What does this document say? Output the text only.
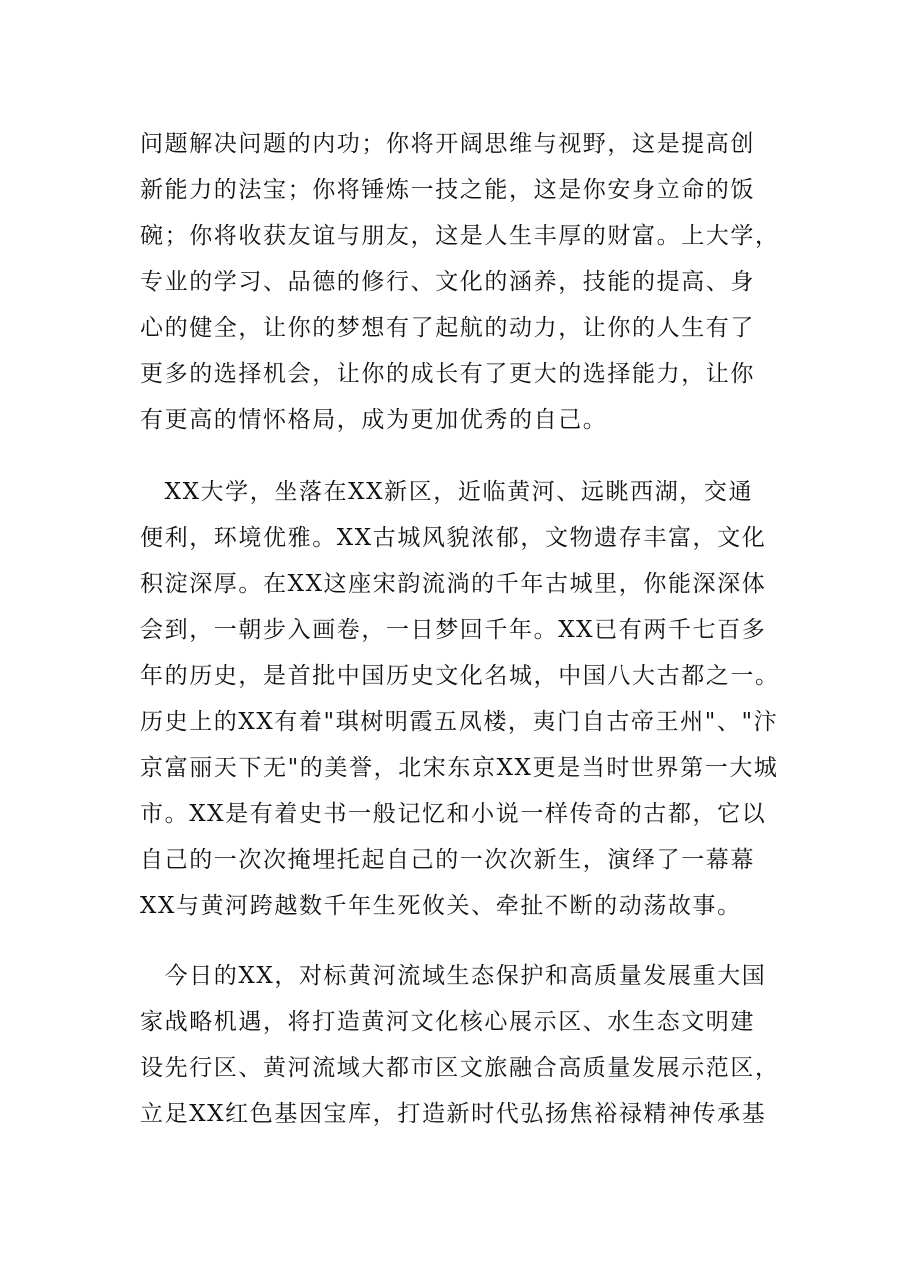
问题解决问题的内功；你将开阔思维与视野，这是提高创
新能力的法宝；你将锤炼一技之能，这是你安身立命的饭
碗；你将收获友谊与朋友，这是人生丰厚的财富。上大学，
专业的学习、品德的修行、文化的涵养，技能的提高、身
心的健全，让你的梦想有了起航的动力，让你的人生有了
更多的选择机会，让你的成长有了更大的选择能力，让你
有更高的情怀格局，成为更加优秀的自己。
　XX大学，坐落在XX新区，近临黄河、远眺西湖，交通
便利，环境优雅。XX古城风貌浓郁，文物遗存丰富，文化
积淀深厚。在XX这座宋韵流淌的千年古城里，你能深深体
会到，一朝步入画卷，一日梦回千年。XX已有两千七百多
年的历史，是首批中国历史文化名城，中国八大古都之一。
历史上的XX有着"琪树明霞五凤楼，夷门自古帝王州"、"汴
京富丽天下无"的美誉，北宋东京XX更是当时世界第一大城
市。XX是有着史书一般记忆和小说一样传奇的古都，它以
自己的一次次掩埋托起自己的一次次新生，演绎了一幕幕
XX与黄河跨越数千年生死攸关、牵扯不断的动荡故事。
　今日的XX，对标黄河流域生态保护和高质量发展重大国
家战略机遇，将打造黄河文化核心展示区、水生态文明建
设先行区、黄河流域大都市区文旅融合高质量发展示范区，
立足XX红色基因宝库，打造新时代弘扬焦裕禄精神传承基
